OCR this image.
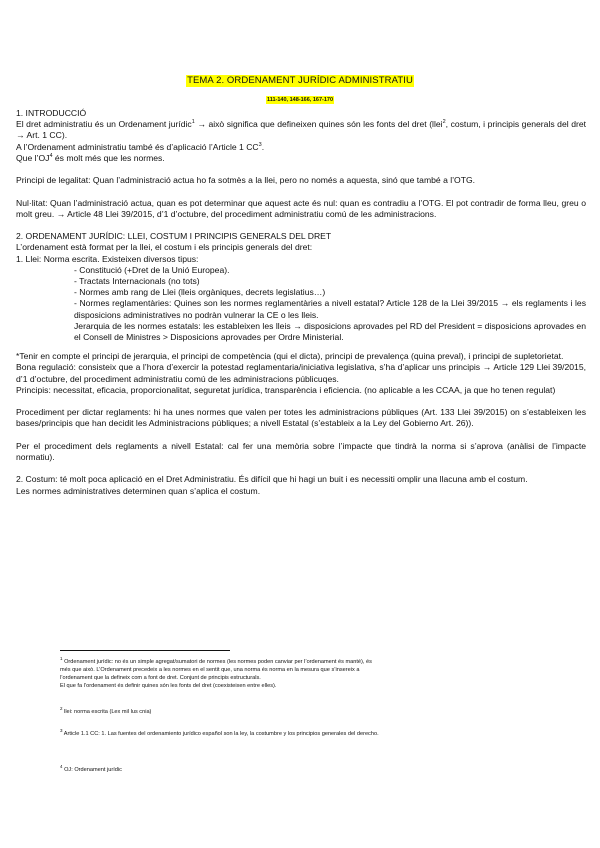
TEMA 2. ORDENAMENT JURÍDIC ADMINISTRATIU
111-140, 148-166, 167-170

1. INTRODUCCIÓ

El dret administratiu és un Ordenament jurídic$^1$ → això significa que defineixen quines són les fonts del dret (llei$^2$, costum, i principis generals del dret → Art. 1 CC).

A l’Ordenament administratiu també és d’aplicació l’Article 1 $CC^3$.

Que $l’OJ^4$ és molt més que les normes.

Principi de legalitat: Quan l’administració actua ho fa sotmès a la llei, pero no només a aquesta, sinó que també a l’OTG.

Nul·litat: Quan l’administració actua, quan es pot determinar que aquest acte és nul: quan es contradiu a l’OTG. El pot contradir de forma lleu, greu o molt greu. → Article 48 Llei 39/2015, d’1 d’octubre, del procediment administratiu comú de les administracions.

2. ORDENAMENT JURÍDIC: LLEI, COSTUM I PRINCIPIS GENERALS DEL DRET

L’ordenament està format per la llei, el costum i els principis generals del dret:

1. Llei: Norma escrita. Existeixen diversos tipus:

- Constitució (+Dret de la Unió Europea).

- Tractats Internacionals (no tots)

- Normes amb rang de Llei (lleis orgàniques, decrets legislatius…)

- Normes reglamentàries: Quines son les normes reglamentàries a nivell estatal? Article 128 de la Llei 39/2015 → els reglaments i les disposicions administratives no podràn vulnerar la CE o les lleis.

Jerarquia de les normes estatals: les estableixen les lleis → disposicions aprovades pel RD del President = disposicions aprovades en el Consell de Ministres > Disposicions aprovades per Ordre Ministerial.

*Tenir en compte el principi de jerarquia, el principi de competència (qui el dicta), principi de prevalença (quina preval), i principi de supletorietat.

Bona regulació: consisteix que a l’hora d’exercir la potestad reglamentaria/iniciativa legislativa, s’ha d’aplicar uns principis → Article 129 Llei 39/2015, d’1 d’octubre, del procediment administratiu comú de les administracions públicuqes.

Principis: necessitat, eficacia, proporcionalitat, seguretat jurídica, transparència i eficiencia. (no aplicable a les CCAA, ja que ho tenen regulat)

Procediment per dictar reglaments: hi ha unes normes que valen per totes les administracions públiques (Art. 133 Llei 39/2015) on s’estableixen les bases/principis que han decidit les Administracions públiques; a nivell Estatal (s’estableix a la Ley del Gobierno Art. 26)).

Per el procediment dels reglaments a nivell Estatal: cal fer una memòria sobre l’impacte que tindrà la norma si s’aprova (anàlisi de l’impacte normatiu).

2. Costum: té molt poca aplicació en el Dret Administratiu. És difícil que hi hagi un buit i es necessiti omplir una llacuna amb el costum.

Les normes administratives determinen quan s’aplica el costum.

$^1$ Ordenament jurídic: no és un simple agregat/sumatori de normes (les normes poden canviar per l’ordenament és manté), és
més que això. L’Ordenament precedeix a les normes en el sentit que, una norma és norma en la mesura que s’insereix a
l’ordenament que la defineix com a font de dret. Conjunt de principis estructurals.
El que fa l’ordenament és definir quines són les fonts del dret (coexisteixen entre elles).
$^2$ llei: norma escrita (Lex mil lus cnia)
$^3$ Article 1.1 CC: 1. Las fuentes del ordenamiento jurídico español son la ley, la costumbre y los principios generales del derecho.
$^4$ OJ: Ordenament jurídic
